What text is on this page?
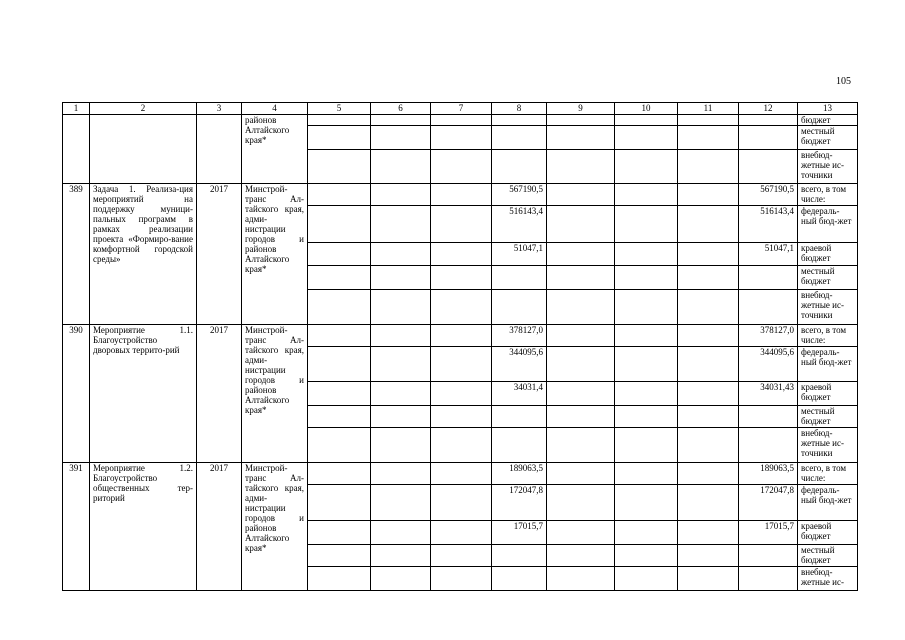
105
1	2	3	4	5	6	7	8	9	10	11	12	13
			районов Алтайского края*									бюджет
												местный бюджет
												внебюд-жетные ис-точники
389	Задача 1. Реализа-ция мероприятий на поддержку муници-пальных программ в рамках реализации проекта «Формиро-вание комфортной городской среды»	2017	Минстрой-транс Ал-тайского края, адми-нистрации городов и районов Алтайского края*				567190,5				567190,5	всего, в том числе:
							516143,4				516143,4	федераль-ный бюд-жет
							51047,1				51047,1	краевой бюджет
												местный бюджет
												внебюд-жетные ис-точники
390	Мероприятие 1.1. Благоустройство дворовых террито-рий	2017	Минстрой-транс Ал-тайского края, адми-нистрации городов и районов Алтайского края*				378127,0				378127,0	всего, в том числе:
							344095,6				344095,6	федераль-ный бюд-жет
							34031,4				34031,43	краевой бюджет
												местный бюджет
												внебюд-жетные ис-точники
391	Мероприятие 1.2. Благоустройство общественных тер-риторий	2017	Минстрой-транс Ал-тайского края, адми-нистрации городов и районов Алтайского края*				189063,5				189063,5	всего, в том числе:
							172047,8				172047,8	федераль-ный бюд-жет
							17015,7				17015,7	краевой бюджет
												местный бюджет
												внебюд-жетные ис-
